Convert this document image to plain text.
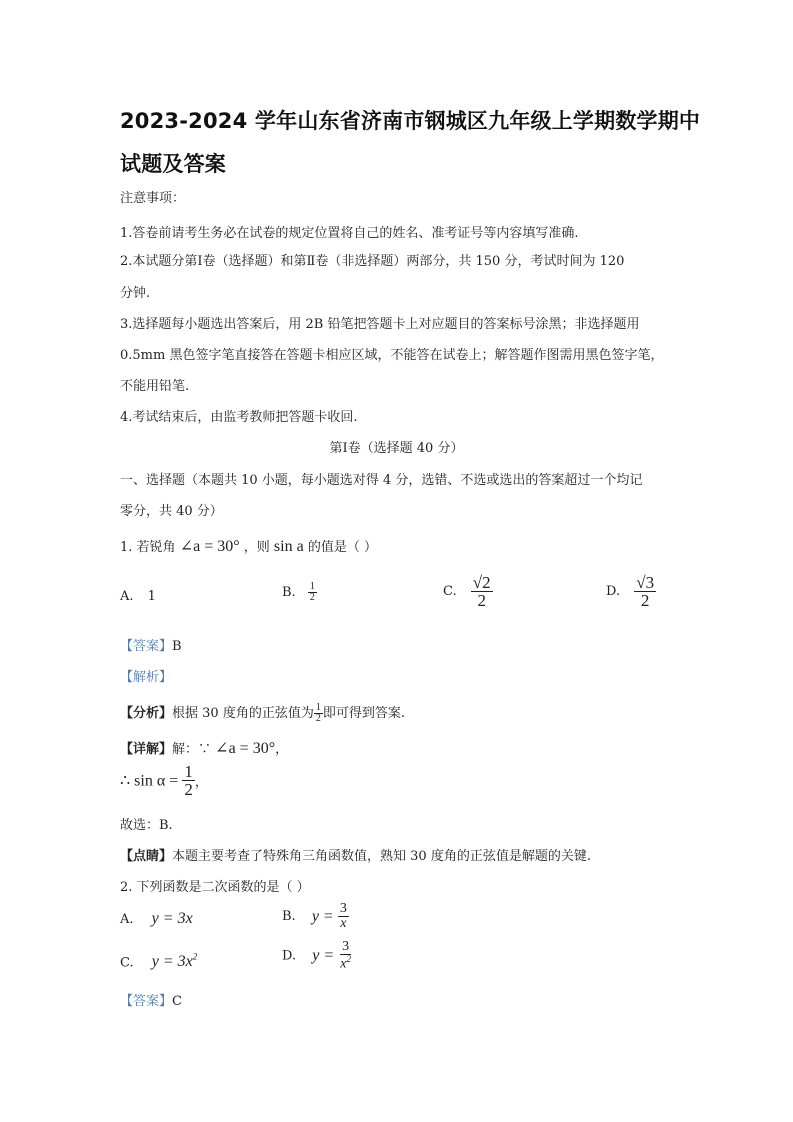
2023-2024 学年山东省济南市钢城区九年级上学期数学期中
试题及答案
注意事项：
1.答卷前请考生务必在试卷的规定位置将自己的姓名、准考证号等内容填写准确.
2.本试题分第Ⅰ卷（选择题）和第Ⅱ卷（非选择题）两部分，共 150 分，考试时间为 120
分钟.
3.选择题每小题选出答案后，用 2B 铅笔把答题卡上对应题目的答案标号涂黑；非选择题用
0.5mm 黑色签字笔直接答在答题卡相应区域，不能答在试卷上；解答题作图需用黑色签字笔，
不能用铅笔.
4.考试结束后，由监考教师把答题卡收回.
第Ⅰ卷（选择题 40 分）
一、选择题（本题共 10 小题，每小题选对得 4 分，选错、不选或选出的答案超过一个均记
零分，共 40 分）
1. 若锐角 ∠a = 30° ，则 sin a 的值是（ ）
A. 1	B. $\frac{1}{2}$	C. $\frac{√2}{2}$	D. $\frac{√3}{2}$
【答案】B
【解析】
【分析】根据 30 度角的正弦值为 $\frac{1}{2}$ 即可得到答案.
【详解】解：∵ ∠a = 30°，
∴ $\sin \alpha = \frac{1}{2}$ ，
故选：B.
【点睛】本题主要考查了特殊角三角函数值，熟知 30 度角的正弦值是解题的关键.
2. 下列函数是二次函数的是（ ）
A. y = 3x	B. $y = \frac{3}{x}$
C. $y = 3x^2$	D. $y = \frac{3}{x^2}$
【答案】C
